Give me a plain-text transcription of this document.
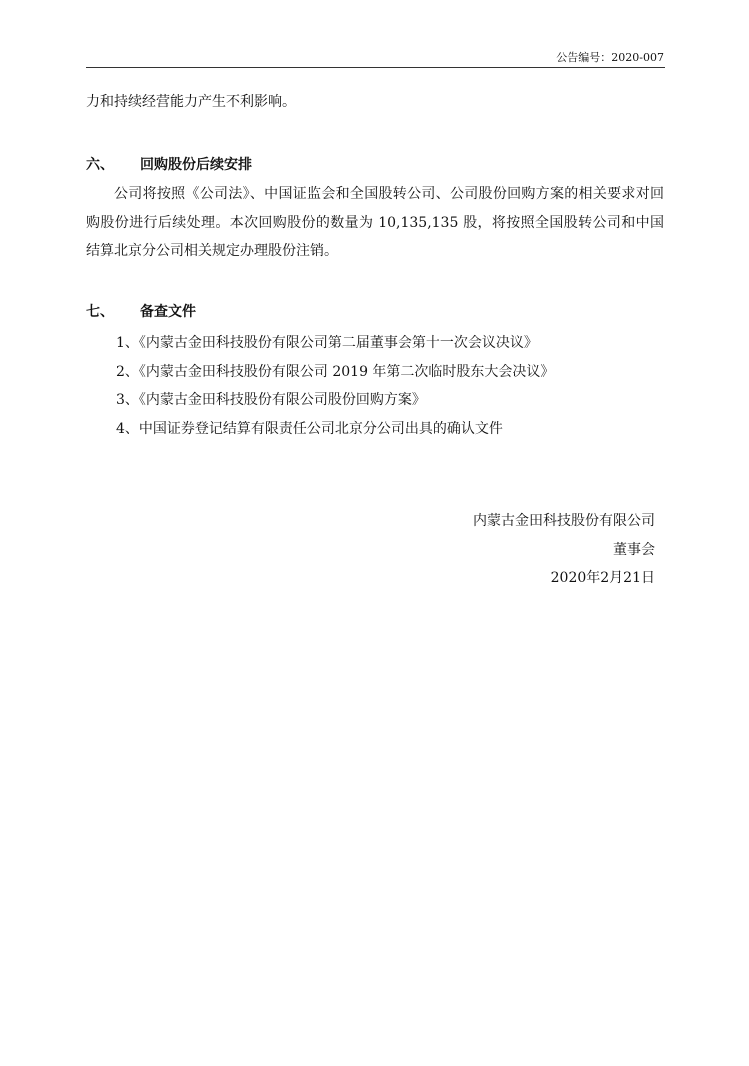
公告编号：2020-007
力和持续经营能力产生不利影响。
六、 回购股份后续安排
公司将按照《公司法》、中国证监会和全国股转公司、公司股份回购方案的相关要求对回购股份进行后续处理。本次回购股份的数量为 10,135,135 股，将按照全国股转公司和中国结算北京分公司相关规定办理股份注销。
七、 备查文件
1、《内蒙古金田科技股份有限公司第二届董事会第十一次会议决议》
2、《内蒙古金田科技股份有限公司 2019 年第二次临时股东大会决议》
3、《内蒙古金田科技股份有限公司股份回购方案》
4、中国证券登记结算有限责任公司北京分公司出具的确认文件
内蒙古金田科技股份有限公司
董事会
2020年2月21日
